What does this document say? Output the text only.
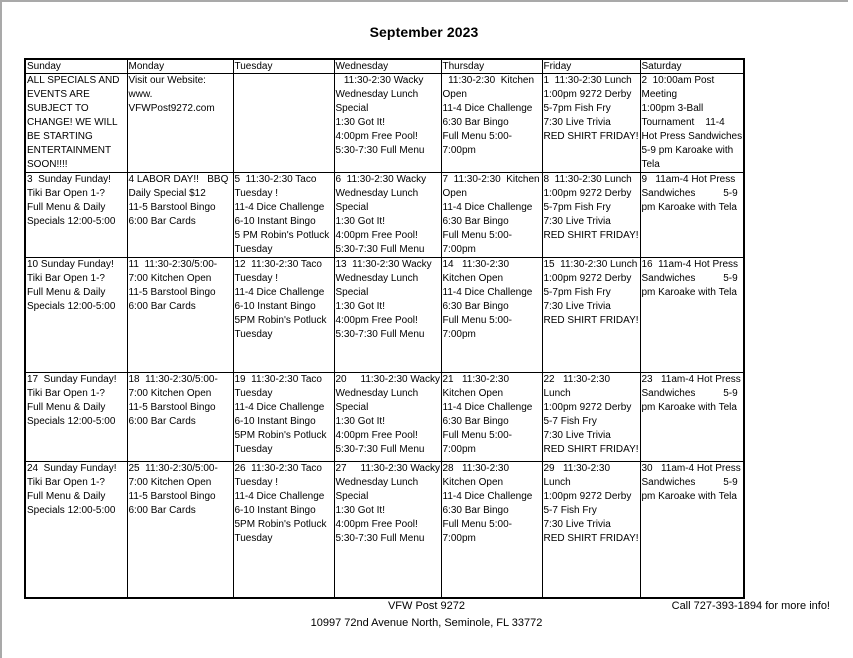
September 2023
Sunday	Monday	Tuesday	Wednesday	Thursday	Friday	Saturday

ALL SPECIALS AND EVENTS ARE SUBJECT TO CHANGE! WE WILL BE STARTING ENTERTAINMENT SOON!!!!	Visit our Website: www.
VFWPost9272.com		11:30-2:30 Wacky Wednesday Lunch Special
1:30 Got It!
4:00pm Free Pool!
5:30-7:30 Full Menu	11:30-2:30  Kitchen Open
11-4 Dice Challenge
6:30 Bar Bingo
Full Menu 5:00-7:00pm	1  11:30-2:30 Lunch
1:00pm 9272 Derby
5-7pm Fish Fry
7:30 Live Trivia
RED SHIRT FRIDAY!	2  10:00am Post Meeting
1:00pm 3-Ball Tournament    11-4 Hot Press Sandwiches
5-9 pm Karoake with Tela

3  Sunday Funday!
Tiki Bar Open 1-?
Full Menu & Daily Specials 12:00-5:00	4 LABOR DAY!!   BBQ Daily Special $12
11-5 Barstool Bingo
6:00 Bar Cards	5  11:30-2:30 Taco Tuesday !
11-4 Dice Challenge
6-10 Instant Bingo
5 PM Robin's Potluck Tuesday	6  11:30-2:30 Wacky Wednesday Lunch Special
1:30 Got It!
4:00pm Free Pool!
5:30-7:30 Full Menu	7  11:30-2:30  Kitchen Open
11-4 Dice Challenge
6:30 Bar Bingo
Full Menu 5:00-7:00pm	8  11:30-2:30 Lunch
1:00pm 9272 Derby
5-7pm Fish Fry
7:30 Live Trivia
RED SHIRT FRIDAY!	9   11am-4 Hot Press Sandwiches          5-9 pm Karoake with Tela

10 Sunday Funday!
Tiki Bar Open 1-?
Full Menu & Daily Specials 12:00-5:00	11  11:30-2:30/5:00-7:00 Kitchen Open
11-5 Barstool Bingo
6:00 Bar Cards	12  11:30-2:30 Taco Tuesday !
11-4 Dice Challenge
6-10 Instant Bingo
5PM Robin's Potluck Tuesday	13  11:30-2:30 Wacky Wednesday Lunch Special
1:30 Got It!
4:00pm Free Pool!
5:30-7:30 Full Menu	14   11:30-2:30 Kitchen Open
11-4 Dice Challenge
6:30 Bar Bingo
Full Menu 5:00-7:00pm	15  11:30-2:30 Lunch
1:00pm 9272 Derby
5-7pm Fish Fry
7:30 Live Trivia
RED SHIRT FRIDAY!	16  11am-4 Hot Press Sandwiches          5-9 pm Karoake with Tela

17  Sunday Funday!
Tiki Bar Open 1-?
Full Menu & Daily Specials 12:00-5:00	18  11:30-2:30/5:00-7:00 Kitchen Open
11-5 Barstool Bingo
6:00 Bar Cards	19  11:30-2:30 Taco Tuesday
11-4 Dice Challenge
6-10 Instant Bingo
5PM Robin's Potluck Tuesday	20     11:30-2:30 Wacky Wednesday Lunch Special
1:30 Got It!
4:00pm Free Pool!
5:30-7:30 Full Menu	21   11:30-2:30 Kitchen Open
11-4 Dice Challenge
6:30 Bar Bingo
Full Menu 5:00-7:00pm	22   11:30-2:30 Lunch
1:00pm 9272 Derby
5-7 Fish Fry
7:30 Live Trivia
RED SHIRT FRIDAY!	23   11am-4 Hot Press Sandwiches          5-9 pm Karoake with Tela

24  Sunday Funday!
Tiki Bar Open 1-?
Full Menu & Daily Specials 12:00-5:00	25  11:30-2:30/5:00-7:00 Kitchen Open
11-5 Barstool Bingo
6:00 Bar Cards	26  11:30-2:30 Taco Tuesday !
11-4 Dice Challenge
6-10 Instant Bingo
5PM Robin's Potluck Tuesday	27     11:30-2:30 Wacky Wednesday Lunch Special
1:30 Got It!
4:00pm Free Pool!
5:30-7:30 Full Menu	28   11:30-2:30 Kitchen Open
11-4 Dice Challenge
6:30 Bar Bingo
Full Menu 5:00-7:00pm	29   11:30-2:30 Lunch
1:00pm 9272 Derby
5-7 Fish Fry
7:30 Live Trivia
RED SHIRT FRIDAY!	30   11am-4 Hot Press Sandwiches          5-9 pm Karoake with Tela
VFW Post 9272
10997 72nd Avenue North, Seminole, FL 33772
Call 727-393-1894 for more info!
